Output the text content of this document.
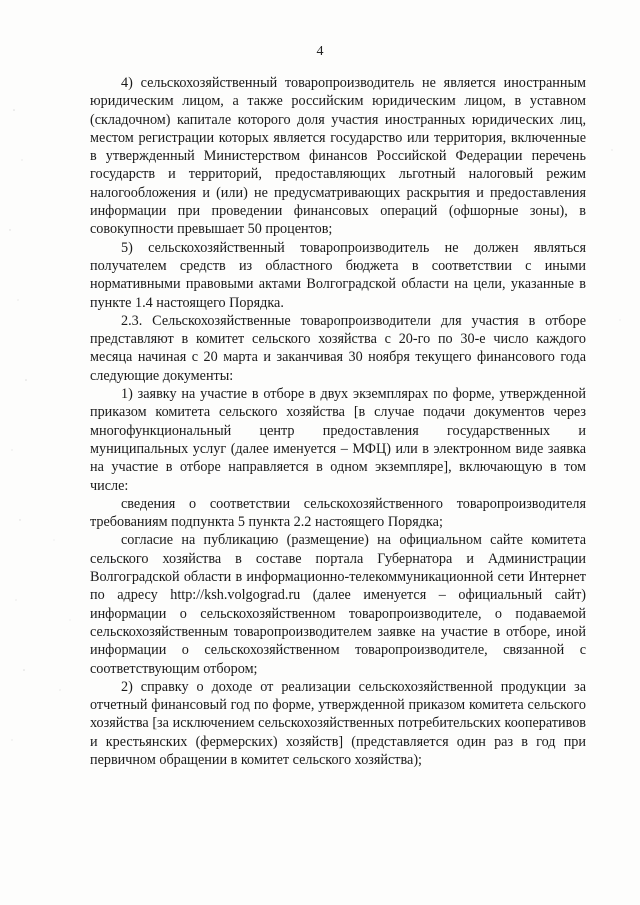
4

4) сельскохозяйственный товаропроизводитель не является иностранным юридическим лицом, а также российским юридическим лицом, в уставном (складочном) капитале которого доля участия иностранных юридических лиц, местом регистрации которых является государство или территория, включенные в утвержденный Министерством финансов Российской Федерации перечень государств и территорий, предоставляющих льготный налоговый режим налогообложения и (или) не предусматривающих раскрытия и предоставления информации при проведении финансовых операций (офшорные зоны), в совокупности превышает 50 процентов;

5) сельскохозяйственный товаропроизводитель не должен являться получателем средств из областного бюджета в соответствии с иными нормативными правовыми актами Волгоградской области на цели, указанные в пункте 1.4 настоящего Порядка.

2.3. Сельскохозяйственные товаропроизводители для участия в отборе представляют в комитет сельского хозяйства с 20-го по 30-е число каждого месяца начиная с 20 марта и заканчивая 30 ноября текущего финансового года следующие документы:

1) заявку на участие в отборе в двух экземплярах по форме, утвержденной приказом комитета сельского хозяйства [в случае подачи документов через многофункциональный центр предоставления государственных и муниципальных услуг (далее именуется – МФЦ) или в электронном виде заявка на участие в отборе направляется в одном экземпляре], включающую в том числе:

сведения о соответствии сельскохозяйственного товаропроизводителя требованиям подпункта 5 пункта 2.2 настоящего Порядка;

согласие на публикацию (размещение) на официальном сайте комитета сельского хозяйства в составе портала Губернатора и Администрации Волгоградской области в информационно-телекоммуникационной сети Интернет по адресу http://ksh.volgograd.ru (далее именуется – официальный сайт) информации о сельскохозяйственном товаропроизводителе, о подаваемой сельскохозяйственным товаропроизводителем заявке на участие в отборе, иной информации о сельскохозяйственном товаропроизводителе, связанной с соответствующим отбором;

2) справку о доходе от реализации сельскохозяйственной продукции за отчетный финансовый год по форме, утвержденной приказом комитета сельского хозяйства [за исключением сельскохозяйственных потребительских кооперативов и крестьянских (фермерских) хозяйств] (представляется один раз в год при первичном обращении в комитет сельского хозяйства);
